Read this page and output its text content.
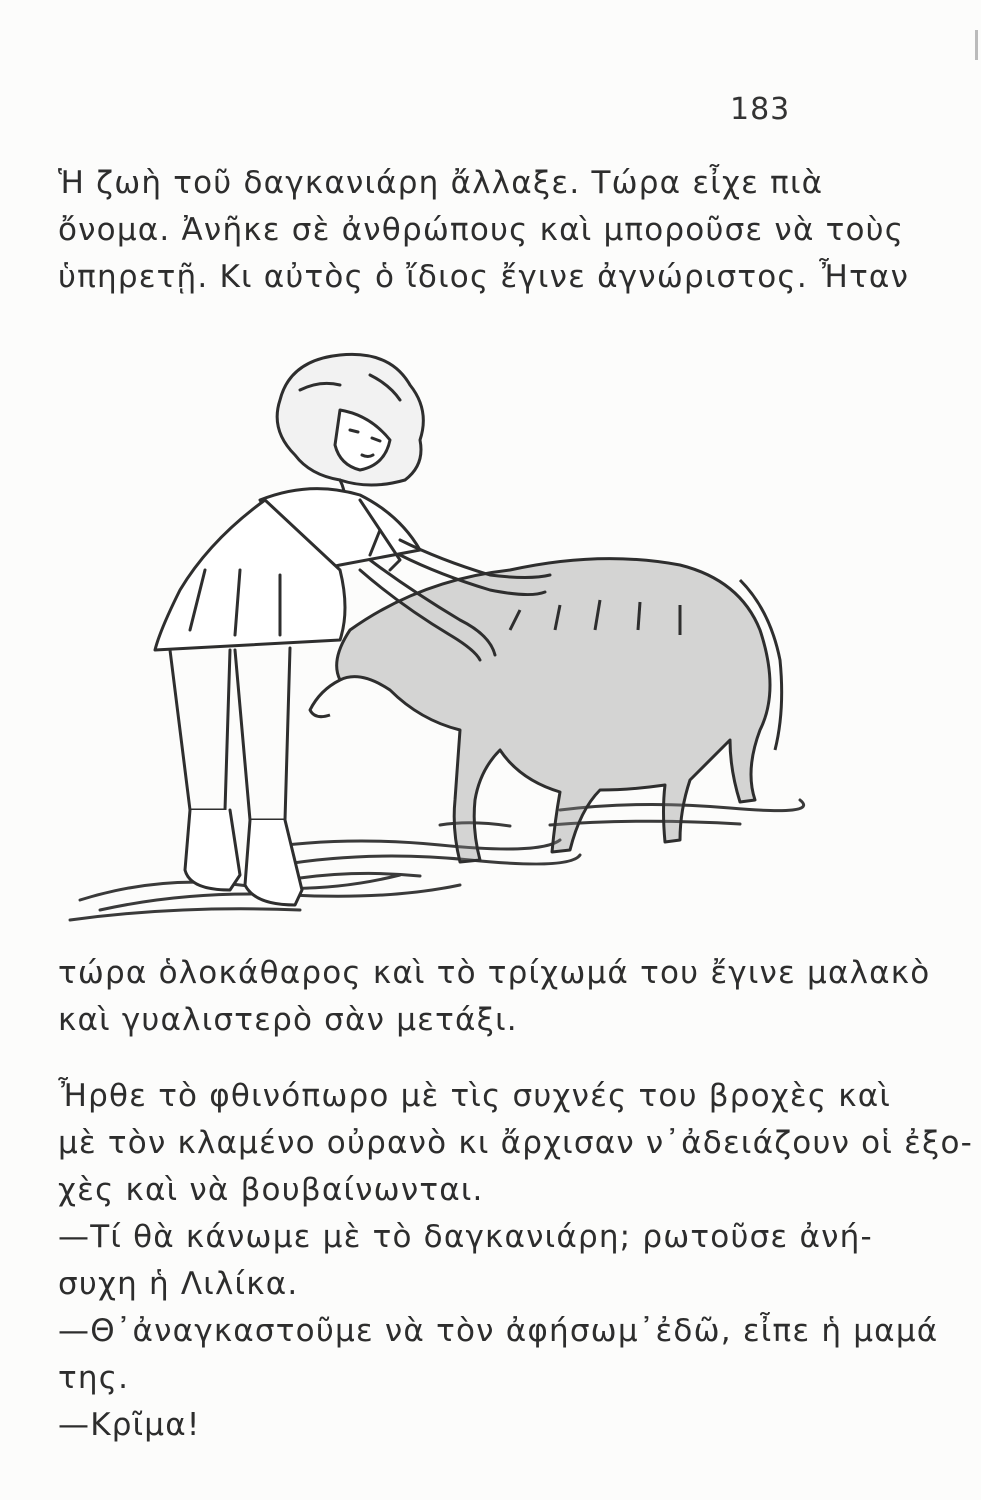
183
Ἡ ζωὴ τοῦ δαγκανιάρη ἄλλαξε. Τώρα εἶχε πιὰ
ὄνομα. Ἀνῆκε σὲ ἀνθρώπους καὶ μποροῦσε νὰ τοὺς
ὑπηρετῇ. Κι αὐτὸς ὁ ἴδιος ἔγινε ἀγνώριστος. Ἦταν
τώρα ὁλοκάθαρος καὶ τὸ τρίχωμά του ἔγινε μαλακὸ
καὶ γυαλιστερὸ σὰν μετάξι.
Ἦρθε τὸ φθινόπωρο μὲ τὶς συχνές του βροχὲς καὶ
μὲ τὸν κλαμένο οὐρανὸ κι ἄρχισαν ν᾿ἀδειάζουν οἱ ἐξο-
χὲς καὶ νὰ βουβαίνωνται.
—Τί θὰ κάνωμε μὲ τὸ δαγκανιάρη; ρωτοῦσε ἀνή-
συχη ἡ Λιλίκα.
—Θ᾿ἀναγκαστοῦμε νὰ τὸν ἀφήσωμ᾿ἐδῶ, εἶπε ἡ μαμά
της.
—Κρῖμα!
